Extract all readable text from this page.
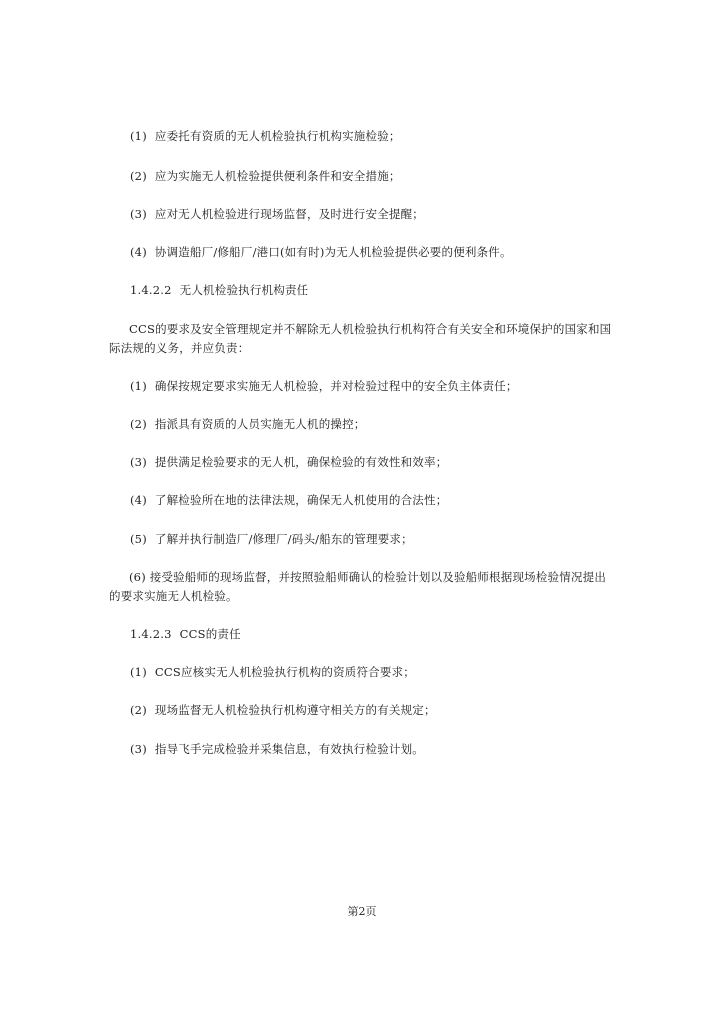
(1) 应委托有资质的无人机检验执行机构实施检验；
(2) 应为实施无人机检验提供便利条件和安全措施；
(3) 应对无人机检验进行现场监督，及时进行安全提醒；
(4) 协调造船厂/修船厂/港口(如有时)为无人机检验提供必要的便利条件。
1.4.2.2 无人机检验执行机构责任
CCS的要求及安全管理规定并不解除无人机检验执行机构符合有关安全和环境保护的国家和国际法规的义务，并应负责：
(1) 确保按规定要求实施无人机检验，并对检验过程中的安全负主体责任；
(2) 指派具有资质的人员实施无人机的操控；
(3) 提供满足检验要求的无人机，确保检验的有效性和效率；
(4) 了解检验所在地的法律法规，确保无人机使用的合法性；
(5) 了解并执行制造厂/修理厂/码头/船东的管理要求；
(6) 接受验船师的现场监督，并按照验船师确认的检验计划以及验船师根据现场检验情况提出的要求实施无人机检验。
1.4.2.3 CCS的责任
(1) CCS应核实无人机检验执行机构的资质符合要求；
(2) 现场监督无人机检验执行机构遵守相关方的有关规定；
(3) 指导飞手完成检验并采集信息，有效执行检验计划。
第2页
